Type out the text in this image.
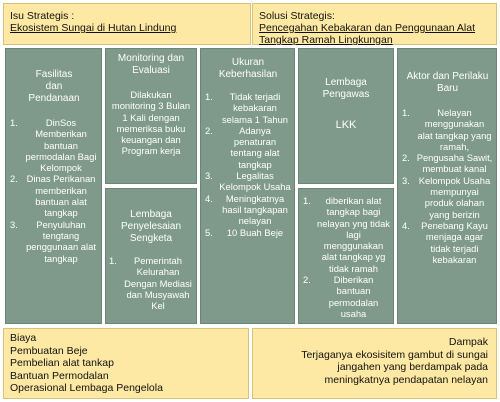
Isu Strategis :
Ekosistem Sungai di Hutan Lindung
Solusi Strategis:
Pencegahan Kebakaran dan Penggunaan Alat
Tangkap Ramah Lingkungan
Fasilitas
dan
Pendanaan
1.	DinSos Memberikan bantuan permodalan Bagi Kelompok
2. Dinas Perikanan memberikan bantuan alat tangkap
3. Penyuluhan tengtang penggunaan alat tangkap
Monitoring dan
Evaluasi
Dilakukan monitoring 3 Bulan 1 Kali dengan memeriksa buku keuangan dan Program kerja
Lembaga
Penyelesaian
Sengketa
1. Pemerintah Kelurahan Dengan Mediasi dan Musyawah Kel
Ukuran
Keberhasilan
1. Tidak terjadi kebakaran selama 1 Tahun
2.	Adanya penaturan tentang alat tangkap
3. Legalitas Kelompok Usaha
4. Meningkatnya hasil tangkapan nelayan
5. 10 Buah Beje
Lembaga
Pengawas
LKK
1. diberikan alat tangkap bagi nelayan yng tidak lagi menggunakan alat tangkap yg tidak ramah
2. Diberikan bantuan permodalan usaha
Aktor dan Perilaku
Baru
1.	Nelayan menggunakan alat tangkap yang ramah,
2. Pengusaha Sawit, membuat kanal
3. Kelompok Usaha mempunyai produk olahan yang berizin
4. Penebang Kayu menjaga agar tidak terjadi kebakaran
Biaya
Pembuatan Beje
Pembelian alat tankap
Bantuan Permodalan
Operasional Lembaga Pengelola
Dampak
Terjaganya ekosisitem gambut di sungai
jangahen yang berdampak pada
meningkatnya pendapatan nelayan
